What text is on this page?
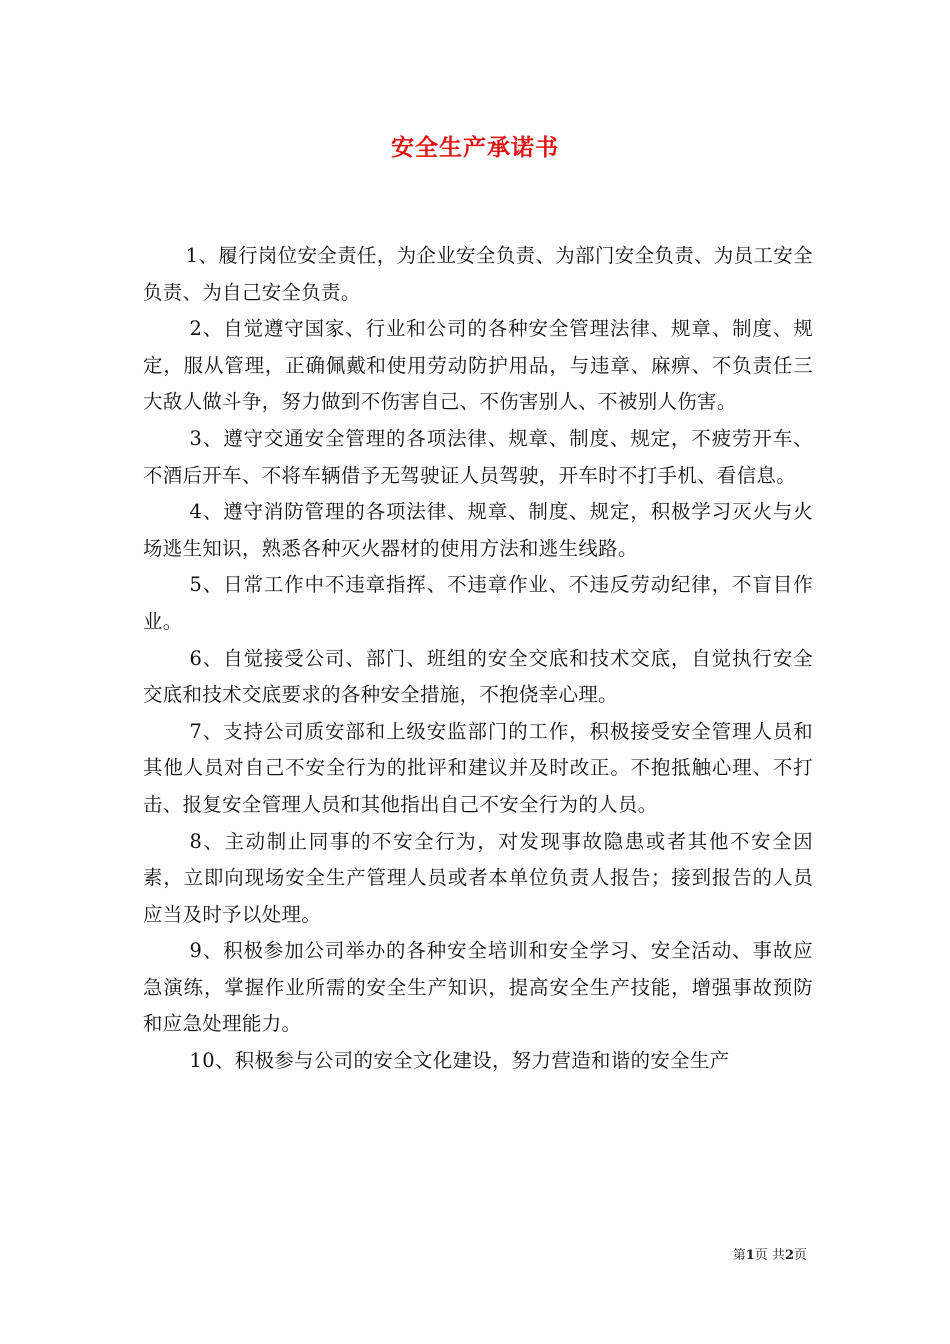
安全生产承诺书

1、履行岗位安全责任，为企业安全负责、为部门安全负责、为员工安全负责、为自己安全负责。

2、自觉遵守国家、行业和公司的各种安全管理法律、规章、制度、规定，服从管理，正确佩戴和使用劳动防护用品，与违章、麻痹、不负责任三大敌人做斗争，努力做到不伤害自己、不伤害别人、不被别人伤害。

3、遵守交通安全管理的各项法律、规章、制度、规定，不疲劳开车、不酒后开车、不将车辆借予无驾驶证人员驾驶，开车时不打手机、看信息。

4、遵守消防管理的各项法律、规章、制度、规定，积极学习灭火与火场逃生知识，熟悉各种灭火器材的使用方法和逃生线路。

5、日常工作中不违章指挥、不违章作业、不违反劳动纪律，不盲目作业。

6、自觉接受公司、部门、班组的安全交底和技术交底，自觉执行安全交底和技术交底要求的各种安全措施，不抱侥幸心理。

7、支持公司质安部和上级安监部门的工作，积极接受安全管理人员和其他人员对自己不安全行为的批评和建议并及时改正。不抱抵触心理、不打击、报复安全管理人员和其他指出自己不安全行为的人员。

8、主动制止同事的不安全行为，对发现事故隐患或者其他不安全因素，立即向现场安全生产管理人员或者本单位负责人报告；接到报告的人员应当及时予以处理。

9、积极参加公司举办的各种安全培训和安全学习、安全活动、事故应急演练，掌握作业所需的安全生产知识，提高安全生产技能，增强事故预防和应急处理能力。

10、积极参与公司的安全文化建设，努力营造和谐的安全生产

第1页 共2页
